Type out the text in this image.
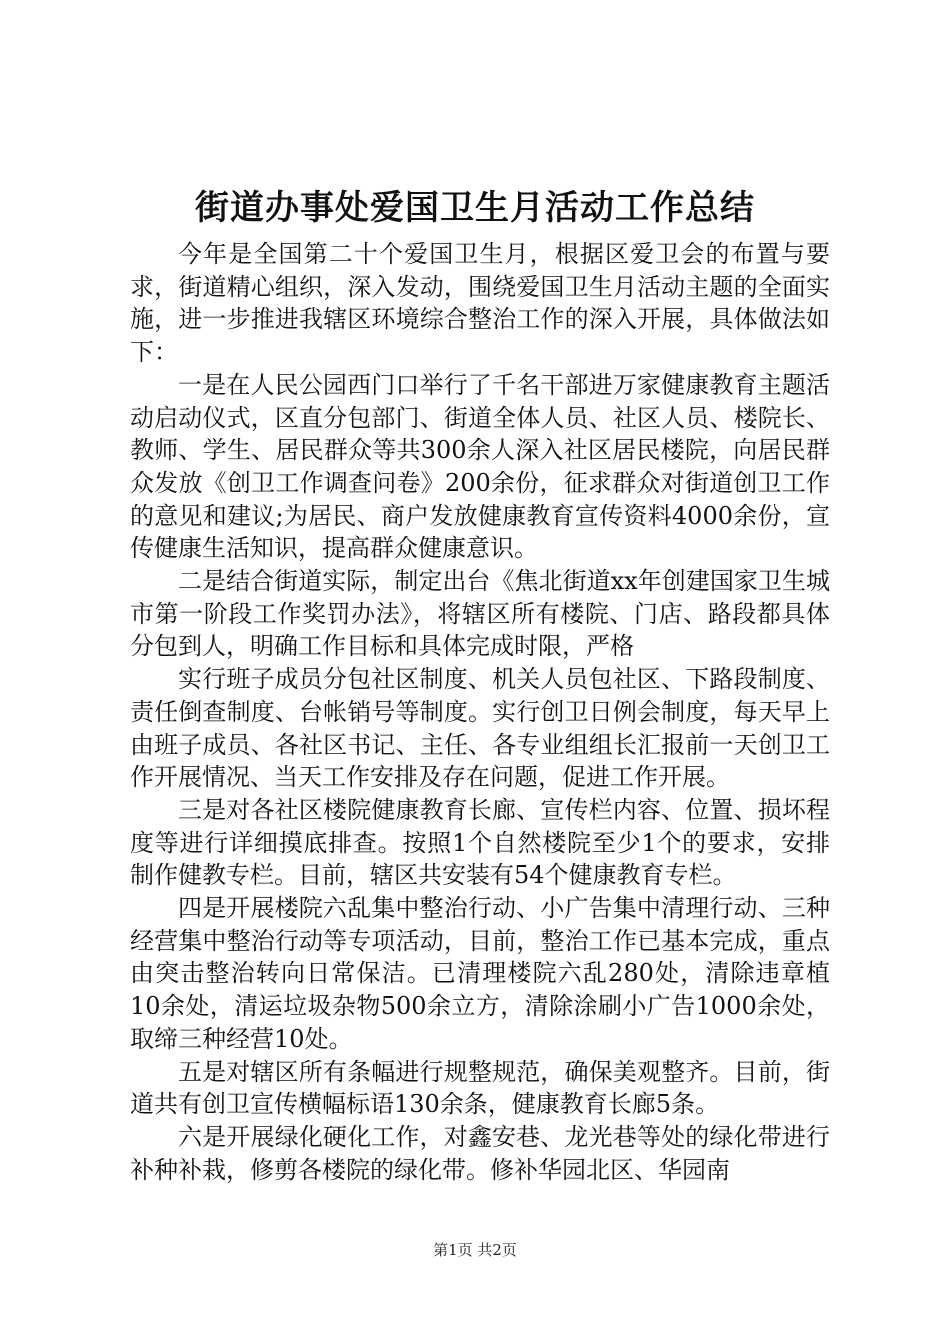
街道办事处爱国卫生月活动工作总结

今年是全国第二十个爱国卫生月，根据区爱卫会的布置与要求，街道精心组织，深入发动，围绕爱国卫生月活动主题的全面实施，进一步推进我辖区环境综合整治工作的深入开展，具体做法如下：

一是在人民公园西门口举行了千名干部进万家健康教育主题活动启动仪式，区直分包部门、街道全体人员、社区人员、楼院长、教师、学生、居民群众等共300余人深入社区居民楼院，向居民群众发放《创卫工作调查问卷》200余份，征求群众对街道创卫工作的意见和建议;为居民、商户发放健康教育宣传资料4000余份，宣传健康生活知识，提高群众健康意识。

二是结合街道实际，制定出台《焦北街道xx年创建国家卫生城市第一阶段工作奖罚办法》，将辖区所有楼院、门店、路段都具体分包到人，明确工作目标和具体完成时限，严格

实行班子成员分包社区制度、机关人员包社区、下路段制度、责任倒查制度、台帐销号等制度。实行创卫日例会制度，每天早上由班子成员、各社区书记、主任、各专业组组长汇报前一天创卫工作开展情况、当天工作安排及存在问题，促进工作开展。

三是对各社区楼院健康教育长廊、宣传栏内容、位置、损坏程度等进行详细摸底排查。按照1个自然楼院至少1个的要求，安排制作健教专栏。目前，辖区共安装有54个健康教育专栏。

四是开展楼院六乱集中整治行动、小广告集中清理行动、三种经营集中整治行动等专项活动，目前，整治工作已基本完成，重点由突击整治转向日常保洁。已清理楼院六乱280处，清除违章植10余处，清运垃圾杂物500余立方，清除涂刷小广告1000余处，取缔三种经营10处。

五是对辖区所有条幅进行规整规范，确保美观整齐。目前，街道共有创卫宣传横幅标语130余条，健康教育长廊5条。

六是开展绿化硬化工作，对鑫安巷、龙光巷等处的绿化带进行补种补栽，修剪各楼院的绿化带。修补华园北区、华园南

第1页 共2页
